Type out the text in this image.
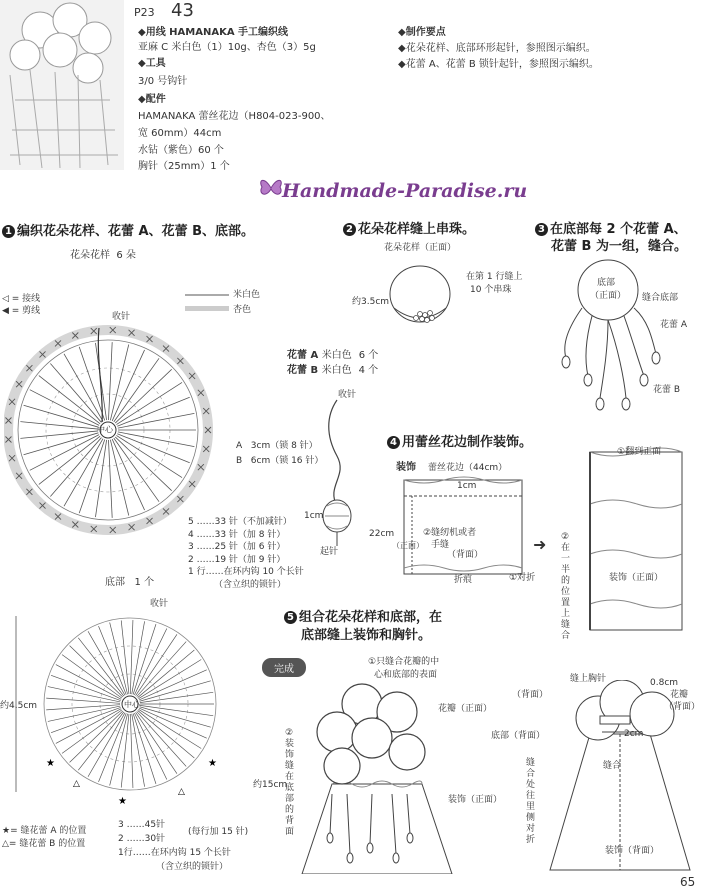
P23 43
◆用线 HAMANAKA 手工编织线
亚麻 C 米白色（1）10g、杏色（3）5g
◆工具
3/0 号钩针
◆配件
HAMANAKA 蕾丝花边（H804-023-900、
宽 60mm）44cm
水钻（紫色）60 个
胸针（25mm）1 个
◆制作要点
◆花朵花样、底部环形起针，参照图示编织。
◆花蕾 A、花蕾 B 锁针起针，参照图示编织。
Handmade-Paradise.ru
1 编织花朵花样、花蕾 A、花蕾 B、底部。
花朵花样 6 朵
◁ = 接线
◀ = 剪线
米白色
杏色
收针
中心
5 ……33 针（不加减针）
4 ……33 针（加 8 针）
3 ……25 针（加 6 针）
2 ……19 针（加 9 针）
1 行……在环内钩 10 个长针
（含立织的锁针）
底部 1 个
收针
★
△
★
△
★
约4.5cm	中心
★= 缝花蕾 A 的位置
△= 缝花蕾 B 的位置
3 ……45针
2 ……30针
1行……在环内钩 15 个长针
（含立织的锁针）
(每行加 15 针)
花蕾 A 米白色 6 个
花蕾 B 米白色 4 个
收针
A 3cm（锁 8 针）
B 6cm（锁 16 针）
1cm
起针
2 花朵花样缝上串珠。
花朵花样（正面）
约3.5cm
在第 1 行缝上
10 个串珠
3 在底部每 2 个花蕾 A、
花蕾 B 为一组，缝合。
底部
（正面） 缝合底部
花蕾 A
花蕾 B
4 用蕾丝花边制作装饰。
装饰 蕾丝花边（44cm）
1cm
22cm
（正面）
②缝纫机或者
手缝
（背面）
折痕	①对折
➜
①翻到正面
②在一半的位置上缝合
装饰（正面）
5 组合花朵花样和底部，在
底部缝上装饰和胸针。
完成
①只缝合花瓣的中
心和底部的表面
花瓣（正面）
②装饰缝在底部的背面
约15cm
装饰（正面）
缝上胸针
（背面）
0.8cm
花瓣
（背面）
底部（背面）	2cm
缝合
缝合处往里侧对折
装饰（背面）
65
